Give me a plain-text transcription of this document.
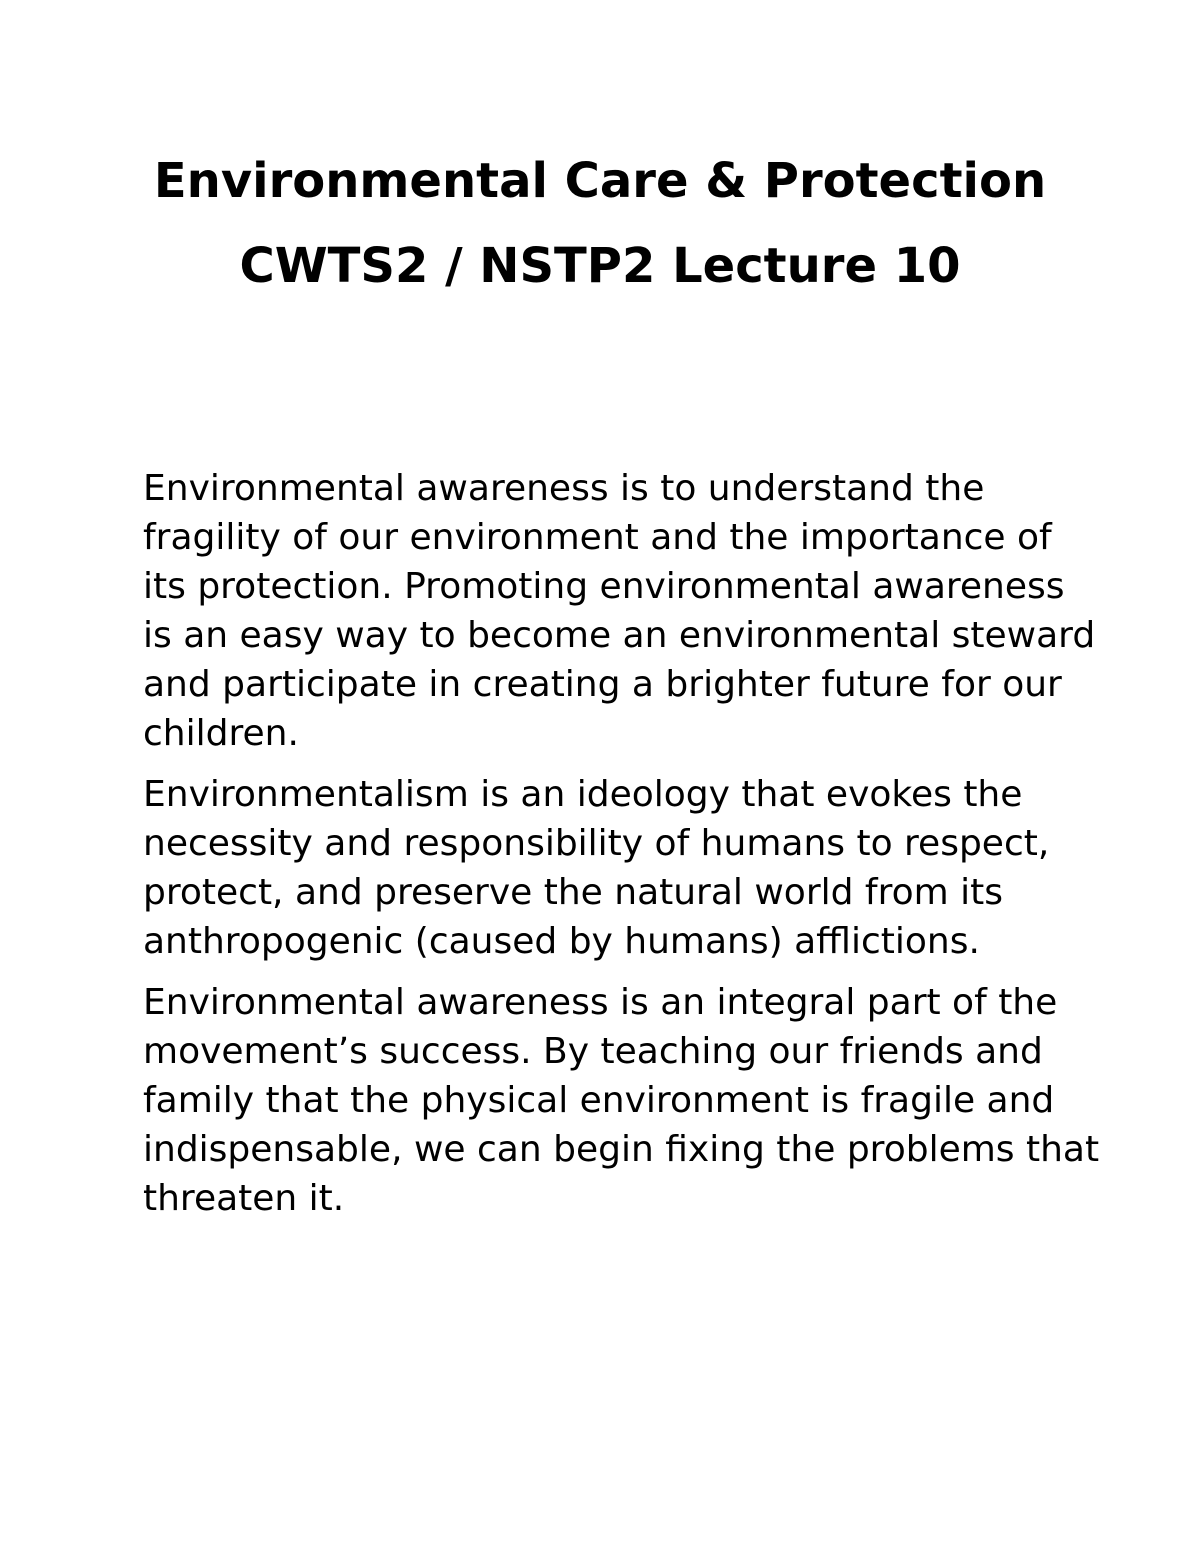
Environmental Care & Protection
CWTS2 / NSTP2 Lecture 10

Environmental awareness is to understand the fragility of our environment and the importance of its protection. Promoting environmental awareness is an easy way to become an environmental steward and participate in creating a brighter future for our children.

Environmentalism is an ideology that evokes the necessity and responsibility of humans to respect, protect, and preserve the natural world from its anthropogenic (caused by humans) afflictions.

Environmental awareness is an integral part of the movement’s success. By teaching our friends and family that the physical environment is fragile and indispensable, we can begin fixing the problems that threaten it.
